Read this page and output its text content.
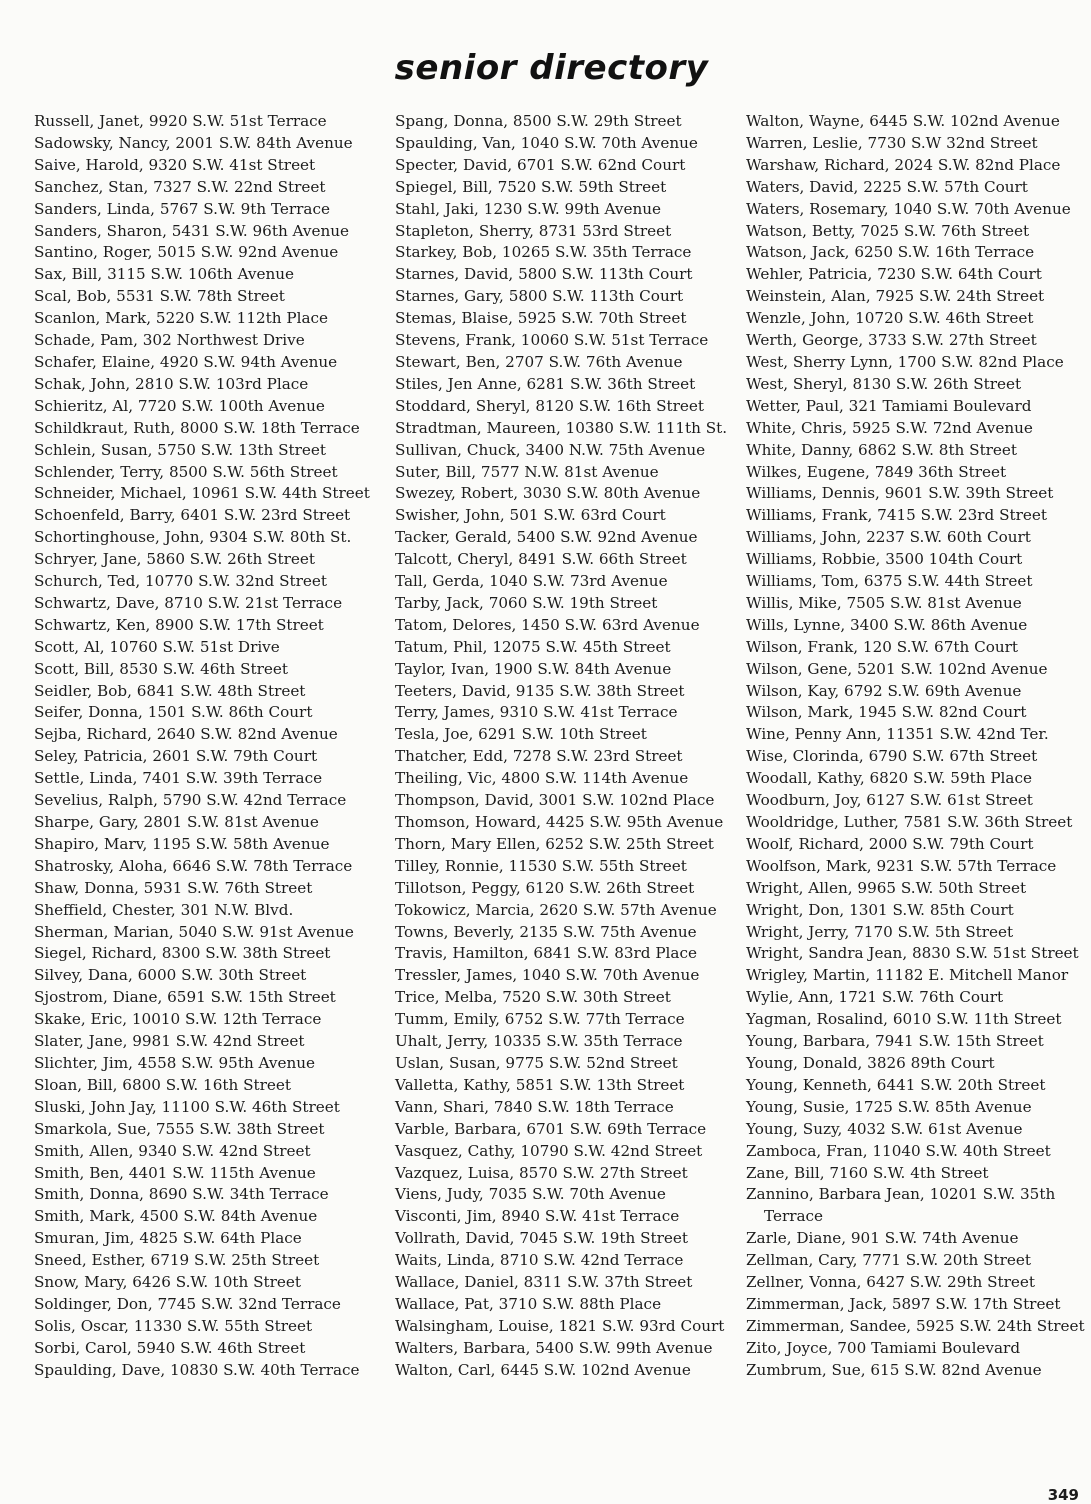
senior directory
Russell, Janet, 9920 S.W. 51st Terrace
Sadowsky, Nancy, 2001 S.W. 84th Avenue
Saive, Harold, 9320 S.W. 41st Street
Sanchez, Stan, 7327 S.W. 22nd Street
Sanders, Linda, 5767 S.W. 9th Terrace
Sanders, Sharon, 5431 S.W. 96th Avenue
Santino, Roger, 5015 S.W. 92nd Avenue
Sax, Bill, 3115 S.W. 106th Avenue
Scal, Bob, 5531 S.W. 78th Street
Scanlon, Mark, 5220 S.W. 112th Place
Schade, Pam, 302 Northwest Drive
Schafer, Elaine, 4920 S.W. 94th Avenue
Schak, John, 2810 S.W. 103rd Place
Schieritz, Al, 7720 S.W. 100th Avenue
Schildkraut, Ruth, 8000 S.W. 18th Terrace
Schlein, Susan, 5750 S.W. 13th Street
Schlender, Terry, 8500 S.W. 56th Street
Schneider, Michael, 10961 S.W. 44th Street
Schoenfeld, Barry, 6401 S.W. 23rd Street
Schortinghouse, John, 9304 S.W. 80th St.
Schryer, Jane, 5860 S.W. 26th Street
Schurch, Ted, 10770 S.W. 32nd Street
Schwartz, Dave, 8710 S.W. 21st Terrace
Schwartz, Ken, 8900 S.W. 17th Street
Scott, Al, 10760 S.W. 51st Drive
Scott, Bill, 8530 S.W. 46th Street
Seidler, Bob, 6841 S.W. 48th Street
Seifer, Donna, 1501 S.W. 86th Court
Sejba, Richard, 2640 S.W. 82nd Avenue
Seley, Patricia, 2601 S.W. 79th Court
Settle, Linda, 7401 S.W. 39th Terrace
Sevelius, Ralph, 5790 S.W. 42nd Terrace
Sharpe, Gary, 2801 S.W. 81st Avenue
Shapiro, Marv, 1195 S.W. 58th Avenue
Shatrosky, Aloha, 6646 S.W. 78th Terrace
Shaw, Donna, 5931 S.W. 76th Street
Sheffield, Chester, 301 N.W. Blvd.
Sherman, Marian, 5040 S.W. 91st Avenue
Siegel, Richard, 8300 S.W. 38th Street
Silvey, Dana, 6000 S.W. 30th Street
Sjostrom, Diane, 6591 S.W. 15th Street
Skake, Eric, 10010 S.W. 12th Terrace
Slater, Jane, 9981 S.W. 42nd Street
Slichter, Jim, 4558 S.W. 95th Avenue
Sloan, Bill, 6800 S.W. 16th Street
Sluski, John Jay, 11100 S.W. 46th Street
Smarkola, Sue, 7555 S.W. 38th Street
Smith, Allen, 9340 S.W. 42nd Street
Smith, Ben, 4401 S.W. 115th Avenue
Smith, Donna, 8690 S.W. 34th Terrace
Smith, Mark, 4500 S.W. 84th Avenue
Smuran, Jim, 4825 S.W. 64th Place
Sneed, Esther, 6719 S.W. 25th Street
Snow, Mary, 6426 S.W. 10th Street
Soldinger, Don, 7745 S.W. 32nd Terrace
Solis, Oscar, 11330 S.W. 55th Street
Sorbi, Carol, 5940 S.W. 46th Street
Spaulding, Dave, 10830 S.W. 40th Terrace
Spang, Donna, 8500 S.W. 29th Street
Spaulding, Van, 1040 S.W. 70th Avenue
Specter, David, 6701 S.W. 62nd Court
Spiegel, Bill, 7520 S.W. 59th Street
Stahl, Jaki, 1230 S.W. 99th Avenue
Stapleton, Sherry, 8731 53rd Street
Starkey, Bob, 10265 S.W. 35th Terrace
Starnes, David, 5800 S.W. 113th Court
Starnes, Gary, 5800 S.W. 113th Court
Stemas, Blaise, 5925 S.W. 70th Street
Stevens, Frank, 10060 S.W. 51st Terrace
Stewart, Ben, 2707 S.W. 76th Avenue
Stiles, Jen Anne, 6281 S.W. 36th Street
Stoddard, Sheryl, 8120 S.W. 16th Street
Stradtman, Maureen, 10380 S.W. 111th St.
Sullivan, Chuck, 3400 N.W. 75th Avenue
Suter, Bill, 7577 N.W. 81st Avenue
Swezey, Robert, 3030 S.W. 80th Avenue
Swisher, John, 501 S.W. 63rd Court
Tacker, Gerald, 5400 S.W. 92nd Avenue
Talcott, Cheryl, 8491 S.W. 66th Street
Tall, Gerda, 1040 S.W. 73rd Avenue
Tarby, Jack, 7060 S.W. 19th Street
Tatom, Delores, 1450 S.W. 63rd Avenue
Tatum, Phil, 12075 S.W. 45th Street
Taylor, Ivan, 1900 S.W. 84th Avenue
Teeters, David, 9135 S.W. 38th Street
Terry, James, 9310 S.W. 41st Terrace
Tesla, Joe, 6291 S.W. 10th Street
Thatcher, Edd, 7278 S.W. 23rd Street
Theiling, Vic, 4800 S.W. 114th Avenue
Thompson, David, 3001 S.W. 102nd Place
Thomson, Howard, 4425 S.W. 95th Avenue
Thorn, Mary Ellen, 6252 S.W. 25th Street
Tilley, Ronnie, 11530 S.W. 55th Street
Tillotson, Peggy, 6120 S.W. 26th Street
Tokowicz, Marcia, 2620 S.W. 57th Avenue
Towns, Beverly, 2135 S.W. 75th Avenue
Travis, Hamilton, 6841 S.W. 83rd Place
Tressler, James, 1040 S.W. 70th Avenue
Trice, Melba, 7520 S.W. 30th Street
Tumm, Emily, 6752 S.W. 77th Terrace
Uhalt, Jerry, 10335 S.W. 35th Terrace
Uslan, Susan, 9775 S.W. 52nd Street
Valletta, Kathy, 5851 S.W. 13th Street
Vann, Shari, 7840 S.W. 18th Terrace
Varble, Barbara, 6701 S.W. 69th Terrace
Vasquez, Cathy, 10790 S.W. 42nd Street
Vazquez, Luisa, 8570 S.W. 27th Street
Viens, Judy, 7035 S.W. 70th Avenue
Visconti, Jim, 8940 S.W. 41st Terrace
Vollrath, David, 7045 S.W. 19th Street
Waits, Linda, 8710 S.W. 42nd Terrace
Wallace, Daniel, 8311 S.W. 37th Street
Wallace, Pat, 3710 S.W. 88th Place
Walsingham, Louise, 1821 S.W. 93rd Court
Walters, Barbara, 5400 S.W. 99th Avenue
Walton, Carl, 6445 S.W. 102nd Avenue
Walton, Wayne, 6445 S.W. 102nd Avenue
Warren, Leslie, 7730 S.W 32nd Street
Warshaw, Richard, 2024 S.W. 82nd Place
Waters, David, 2225 S.W. 57th Court
Waters, Rosemary, 1040 S.W. 70th Avenue
Watson, Betty, 7025 S.W. 76th Street
Watson, Jack, 6250 S.W. 16th Terrace
Wehler, Patricia, 7230 S.W. 64th Court
Weinstein, Alan, 7925 S.W. 24th Street
Wenzle, John, 10720 S.W. 46th Street
Werth, George, 3733 S.W. 27th Street
West, Sherry Lynn, 1700 S.W. 82nd Place
West, Sheryl, 8130 S.W. 26th Street
Wetter, Paul, 321 Tamiami Boulevard
White, Chris, 5925 S.W. 72nd Avenue
White, Danny, 6862 S.W. 8th Street
Wilkes, Eugene, 7849 36th Street
Williams, Dennis, 9601 S.W. 39th Street
Williams, Frank, 7415 S.W. 23rd Street
Williams, John, 2237 S.W. 60th Court
Williams, Robbie, 3500 104th Court
Williams, Tom, 6375 S.W. 44th Street
Willis, Mike, 7505 S.W. 81st Avenue
Wills, Lynne, 3400 S.W. 86th Avenue
Wilson, Frank, 120 S.W. 67th Court
Wilson, Gene, 5201 S.W. 102nd Avenue
Wilson, Kay, 6792 S.W. 69th Avenue
Wilson, Mark, 1945 S.W. 82nd Court
Wine, Penny Ann, 11351 S.W. 42nd Ter.
Wise, Clorinda, 6790 S.W. 67th Street
Woodall, Kathy, 6820 S.W. 59th Place
Woodburn, Joy, 6127 S.W. 61st Street
Wooldridge, Luther, 7581 S.W. 36th Street
Woolf, Richard, 2000 S.W. 79th Court
Woolfson, Mark, 9231 S.W. 57th Terrace
Wright, Allen, 9965 S.W. 50th Street
Wright, Don, 1301 S.W. 85th Court
Wright, Jerry, 7170 S.W. 5th Street
Wright, Sandra Jean, 8830 S.W. 51st Street
Wrigley, Martin, 11182 E. Mitchell Manor
Wylie, Ann, 1721 S.W. 76th Court
Yagman, Rosalind, 6010 S.W. 11th Street
Young, Barbara, 7941 S.W. 15th Street
Young, Donald, 3826 89th Court
Young, Kenneth, 6441 S.W. 20th Street
Young, Susie, 1725 S.W. 85th Avenue
Young, Suzy, 4032 S.W. 61st Avenue
Zamboca, Fran, 11040 S.W. 40th Street
Zane, Bill, 7160 S.W. 4th Street
Zannino, Barbara Jean, 10201 S.W. 35th Terrace
Zarle, Diane, 901 S.W. 74th Avenue
Zellman, Cary, 7771 S.W. 20th Street
Zellner, Vonna, 6427 S.W. 29th Street
Zimmerman, Jack, 5897 S.W. 17th Street
Zimmerman, Sandee, 5925 S.W. 24th Street
Zito, Joyce, 700 Tamiami Boulevard
Zumbrum, Sue, 615 S.W. 82nd Avenue
349
